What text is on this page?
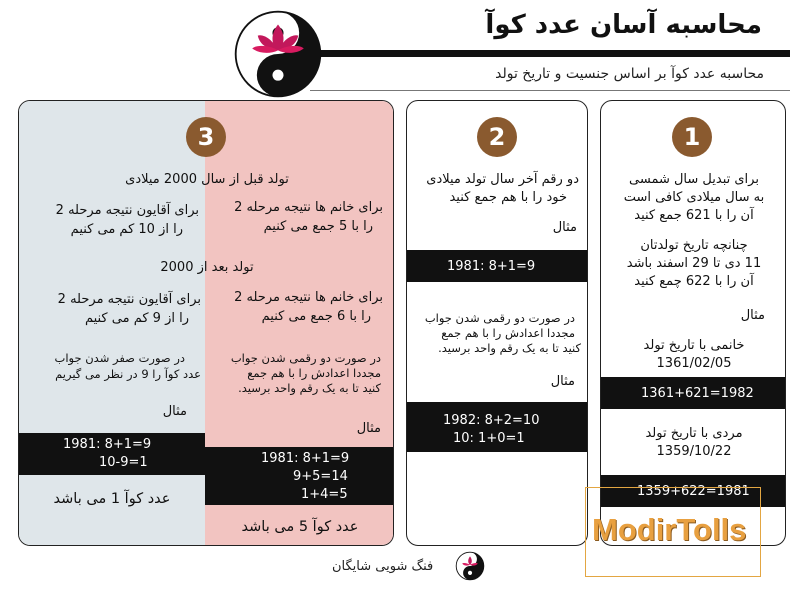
محاسبه آسان عدد کوآ
محاسبه عدد کوآ بر اساس جنسیت و تاریخ تولد
3
تولد قبل از سال 2000 میلادی
برای خانم ها نتیجه مرحله 2
را با 5 جمع می کنیم
برای آقایون نتیجه مرحله 2
را از 10 کم می کنیم
تولد بعد از 2000
برای خانم ها نتیجه مرحله 2
را با 6 جمع می کنیم
برای آقایون نتیجه مرحله 2
را از 9 کم می کنیم
در صورت دو رقمی شدن جواب
مجددا اعدادش را با هم جمع
کنید تا به یک رقم واحد برسید.
در صورت صفر شدن جواب
عدد کوآ را 9 در نظر می گیریم
مثال
مثال
1981: 8+1=9
10-9=1	1981: 8+1=9
9+5=14
1+4=5
عدد کوآ 1 می باشد
عدد کوآ 5 می باشد
2
دو رقم آخر سال تولد میلادی
خود را با هم جمع کنید
مثال
1981: 8+1=9
در صورت دو رقمی شدن جواب
مجددا اعدادش را با هم جمع
کنید تا به یک رقم واحد برسید.
مثال
1982: 8+2=10
10: 1+0=1
1
برای تبدیل سال شمسی
به سال میلادی کافی است
آن را با 621 جمع کنید
چنانچه تاریخ تولدتان
11 دی تا 29 اسفند باشد
آن را با 622 چمع کنید
مثال
خانمی با تاریخ تولد
1361/02/05
1361+621=1982
مردی با تاریخ تولد
1359/10/22
1359+622=1981
فنگ شویی شایگان
ModirTolls
